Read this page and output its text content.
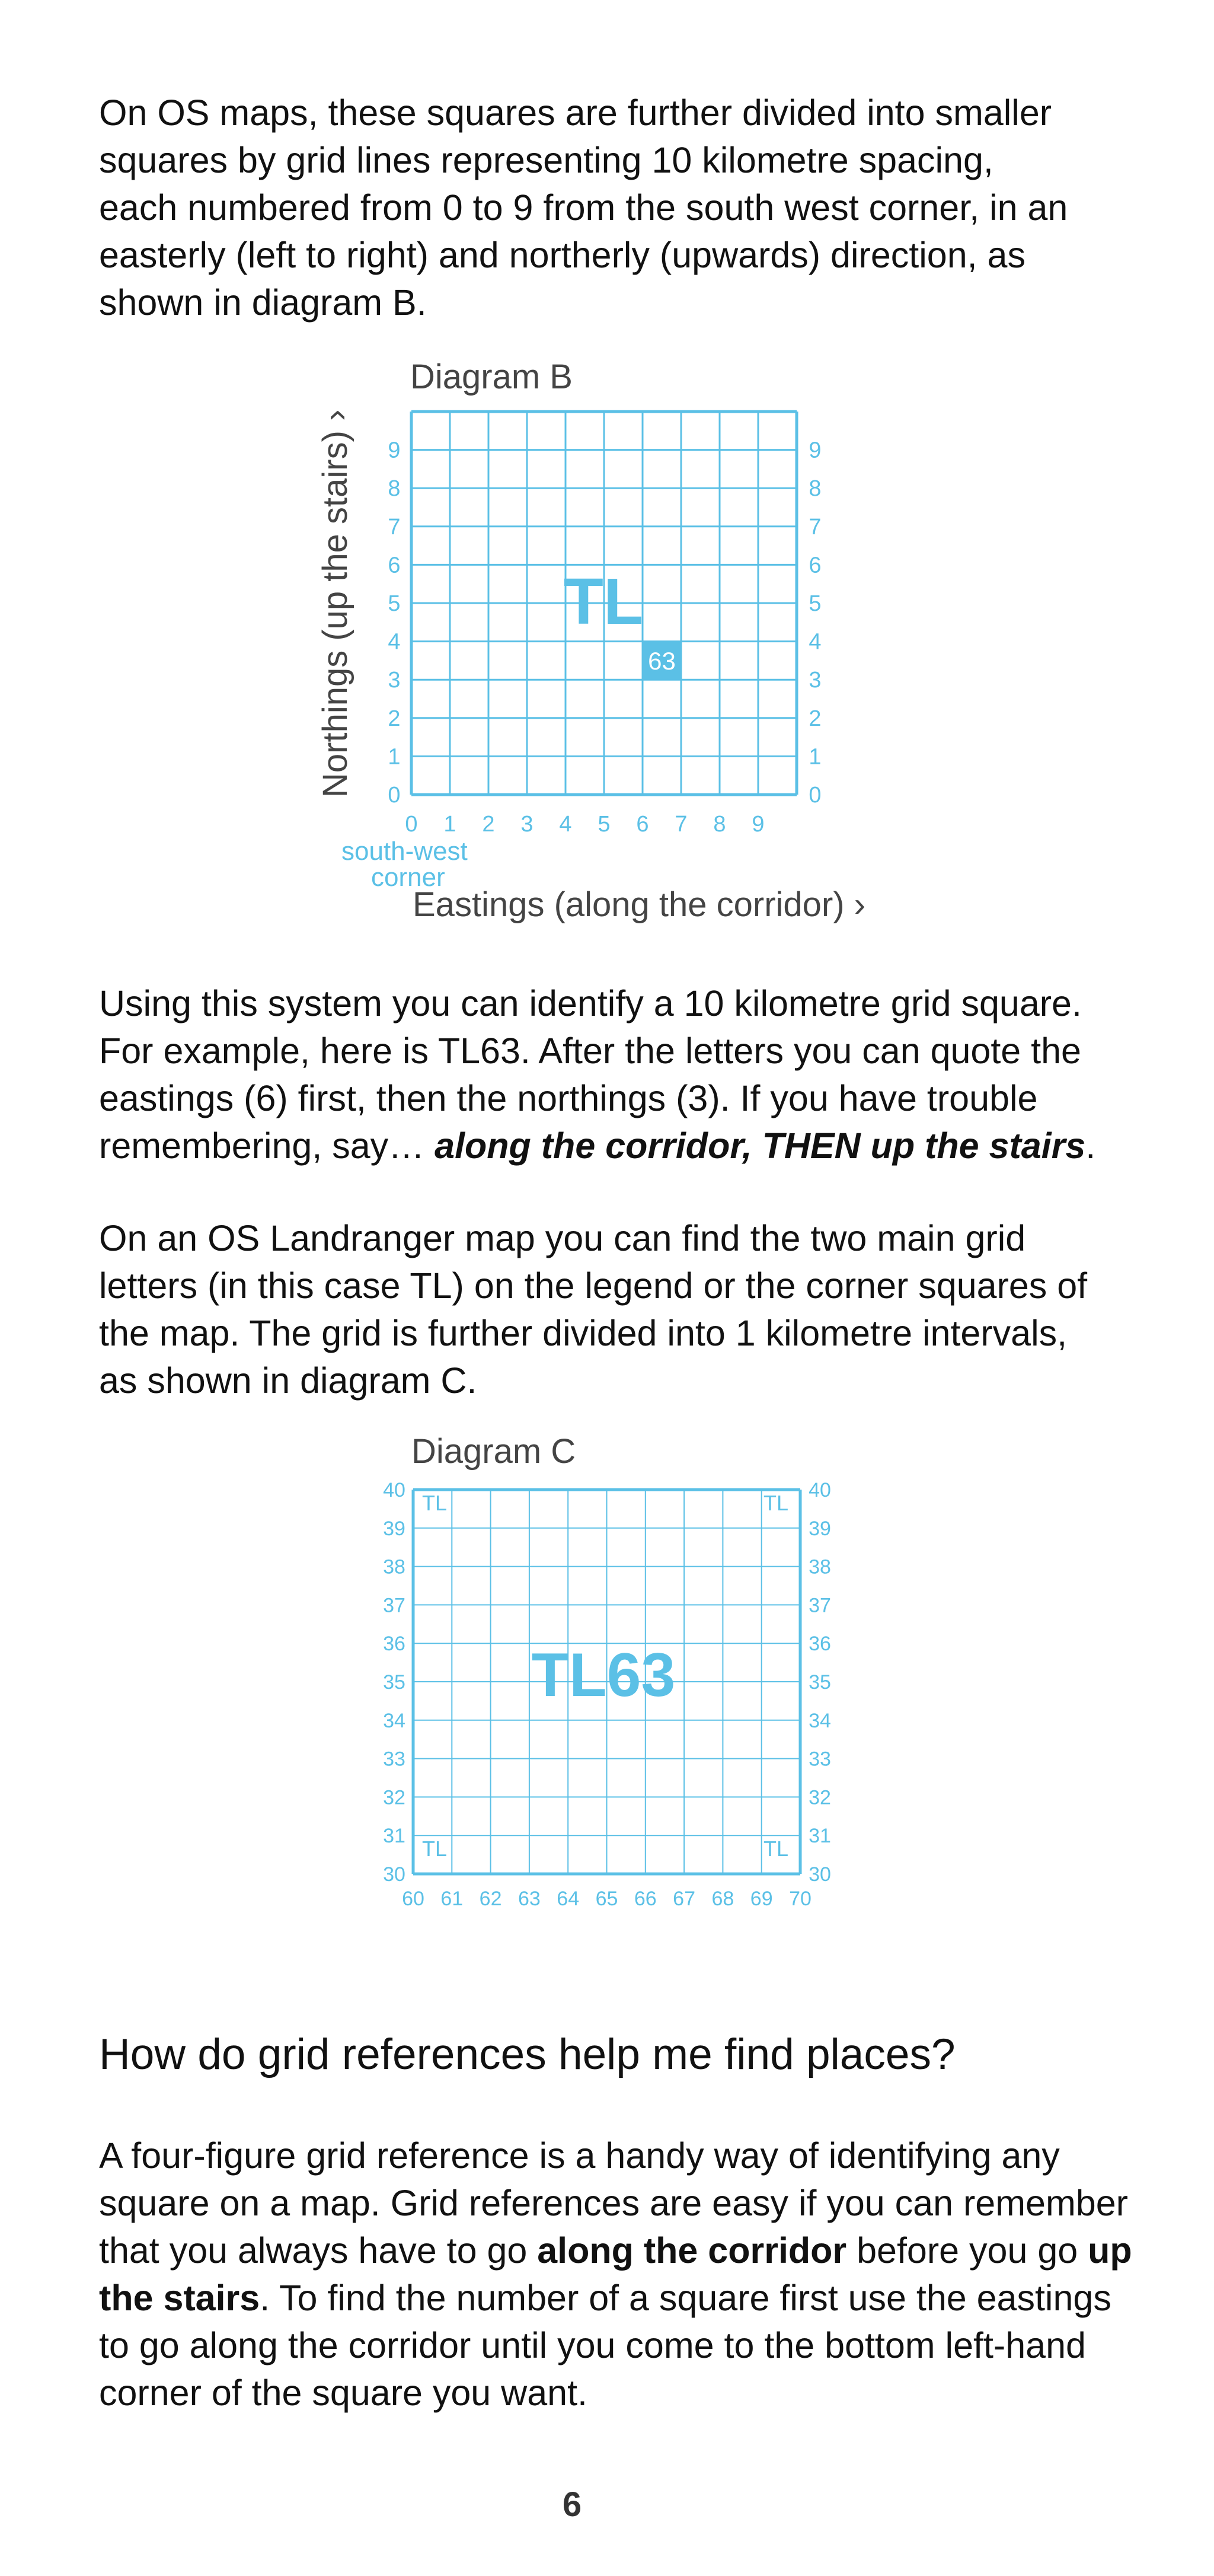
On OS maps, these squares are further divided into smaller
squares by grid lines representing 10 kilometre spacing,
each numbered from 0 to 9 from the south west corner, in an
easterly (left to right) and northerly (upwards) direction, as
shown in diagram B.

Diagram B
63
TL
0 1 2 3 4 5 6 7 8 9
0
1
2
3
4
5
6
7
8
9
0
1
2
3
4
5
6
7
8
9
south-west
corner
Eastings (along the corridor) ›
Northings (up the stairs) ›

Using this system you can identify a 10 kilometre grid square.
For example, here is TL63. After the letters you can quote the
eastings (6) first, then the northings (3). If you have trouble
remembering, say… along the corridor, THEN up the stairs.

On an OS Landranger map you can find the two main grid
letters (in this case TL) on the legend or the corner squares of
the map. The grid is further divided into 1 kilometre intervals,
as shown in diagram C.

Diagram C
TL63
TL	TL
TL	TL
60 61 62 63 64 65 66 67 68 69 70
30
31
32
33
34
35
36
37
38
39
40
30
31
32
33
34
35
36
37
38
39
40
How do grid references help me find places?

A four-figure grid reference is a handy way of identifying any
square on a map. Grid references are easy if you can remember
that you always have to go along the corridor before you go up
the stairs. To find the number of a square first use the eastings
to go along the corridor until you come to the bottom left-hand
corner of the square you want.

6
